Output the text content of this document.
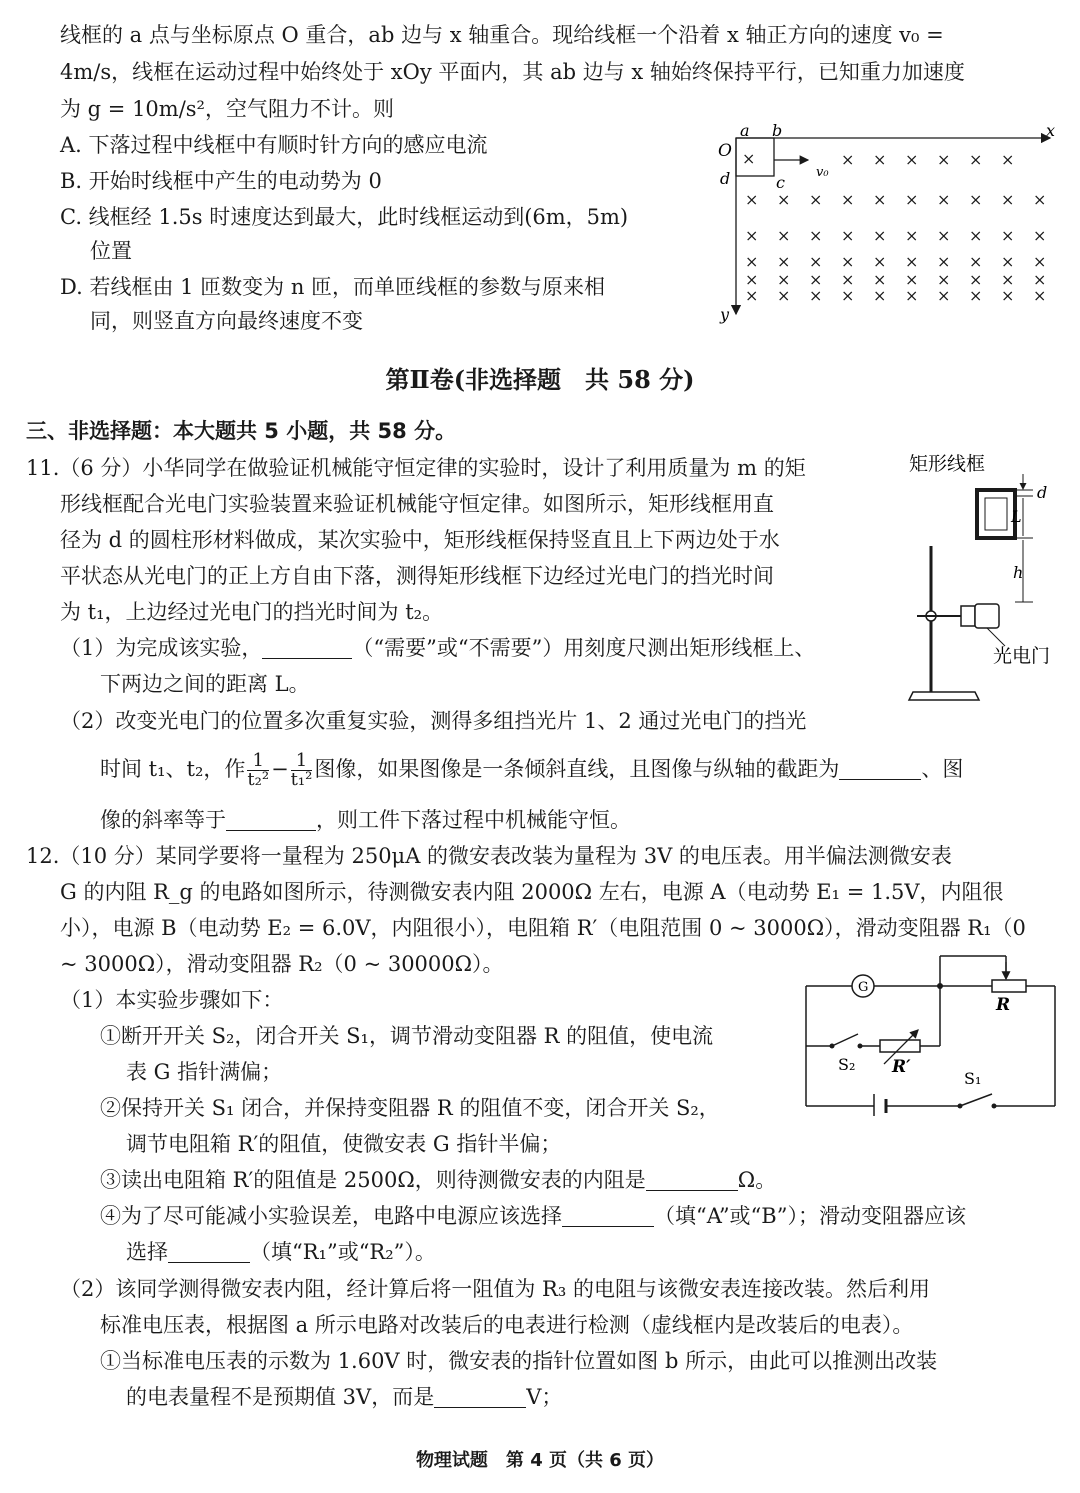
线框的 a 点与坐标原点 O 重合，ab 边与 x 轴重合。现给线框一个沿着 x 轴正方向的速度 v₀ =
4m/s，线框在运动过程中始终处于 xOy 平面内，其 ab 边与 x 轴始终保持平行，已知重力加速度
为 g = 10m/s²，空气阻力不计。则
A. 下落过程中线框中有顺时针方向的感应电流
B. 开始时线框中产生的电动势为 0
C. 线框经 1.5s 时速度达到最大，此时线框运动到(6m，5m)
位置
D. 若线框由 1 匝数变为 n 匝，而单匝线框的参数与原来相
同，则竖直方向最终速度不变
a b
c
d
O
x
y
v₀
× × × × × ×
× × × × × × × × × ×
× × × × × × × × × ×
× × × × × × × × × ×
× × × × × × × × × ×
× × × × × × × × × ×
×
第Ⅱ卷(非选择题　共 58 分)
三、非选择题：本大题共 5 小题，共 58 分。
11.（6 分）小华同学在做验证机械能守恒定律的实验时，设计了利用质量为 m 的矩
形线框配合光电门实验装置来验证机械能守恒定律。如图所示，矩形线框用直
径为 d 的圆柱形材料做成，某次实验中，矩形线框保持竖直且上下两边处于水
平状态从光电门的正上方自由下落，测得矩形线框下边经过光电门的挡光时间
为 t₁，上边经过光电门的挡光时间为 t₂。
（1）为完成该实验，	（“需要”或“不需要”）用刻度尺测出矩形线框上、
下两边之间的距离 L。
（2）改变光电门的位置多次重复实验，测得多组挡光片 1、2 通过光电门的挡光
时间 t₁、t₂，作 $\frac{1}{\text{t₂²}} - \frac{1}{\text{t₁²}}$ 图像，如果图像是一条倾斜直线，且图像与纵轴的截距为	、图
像的斜率等于	，则工件下落过程中机械能守恒。
矩形线框
d
L
h
光电门
12.（10 分）某同学要将一量程为 250μA 的微安表改装为量程为 3V 的电压表。用半偏法测微安表
G 的内阻 R_g 的电路如图所示，待测微安表内阻 2000Ω 左右，电源 A（电动势 E₁ = 1.5V，内阻很
小），电源 B（电动势 E₂ = 6.0V，内阻很小），电阻箱 R′（电阻范围 0 ~ 3000Ω），滑动变阻器 R₁（0
~ 3000Ω），滑动变阻器 R₂（0 ~ 30000Ω）。
（1）本实验步骤如下：
①断开开关 S₂，闭合开关 S₁，调节滑动变阻器 R 的阻值，使电流
表 G 指针满偏；
②保持开关 S₁ 闭合，并保持变阻器 R 的阻值不变，闭合开关 S₂，
调节电阻箱 R′的阻值，使微安表 G 指针半偏；
③读出电阻箱 R′的阻值是 2500Ω，则待测微安表的内阻是	Ω。
④为了尽可能减小实验误差，电路中电源应该选择	（填“A”或“B”）；滑动变阻器应该
选择	（填“R₁”或“R₂”）。
（2）该同学测得微安表内阻，经计算后将一阻值为 R₃ 的电阻与该微安表连接改装。然后利用
标准电压表，根据图 a 所示电路对改装后的电表进行检测（虚线框内是改装后的电表）。
①当标准电压表的示数为 1.60V 时，微安表的指针位置如图 b 所示，由此可以推测出改装
的电表量程不是预期值 3V，而是	V；
G
R
R′
S₂
S₁
物理试题　第 4 页（共 6 页）
